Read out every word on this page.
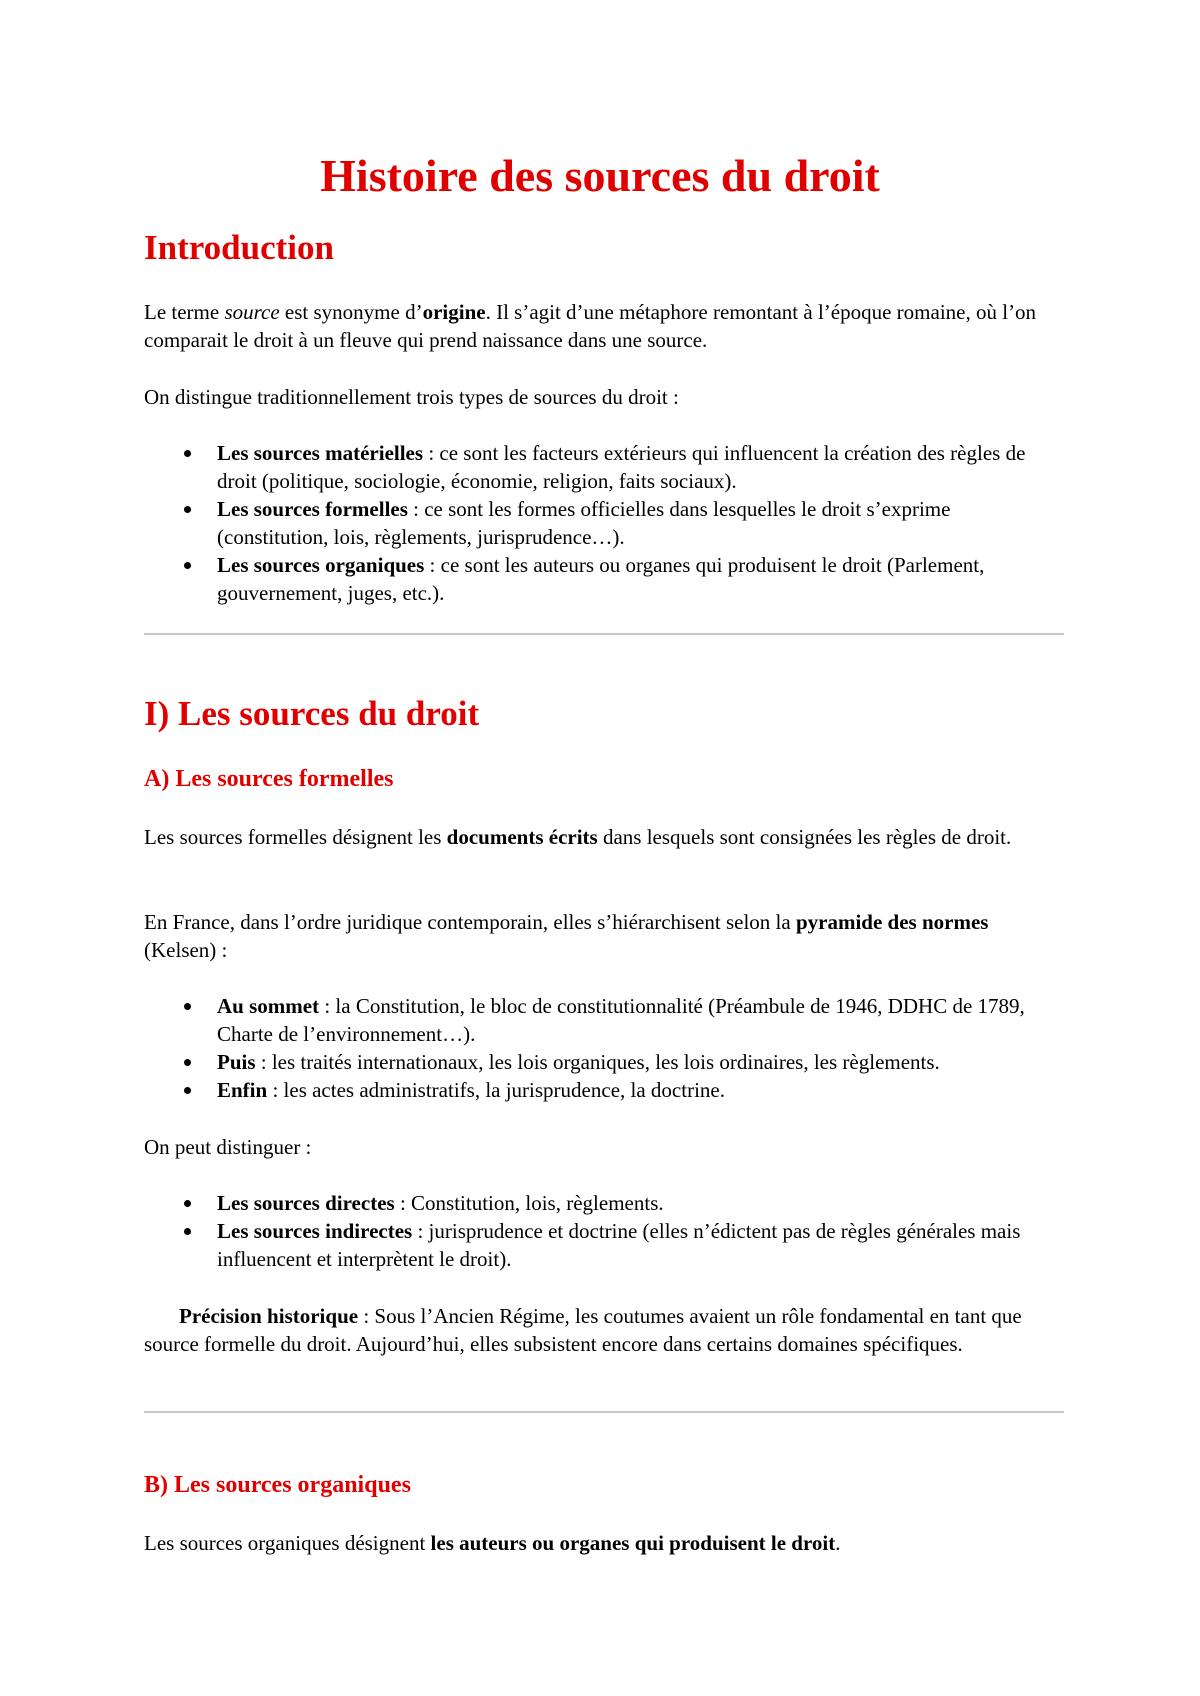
Histoire des sources du droit
Introduction

Le terme source est synonyme d’origine. Il s’agit d’une métaphore remontant à l’époque romaine, où l’on comparait le droit à un fleuve qui prend naissance dans une source.

On distingue traditionnellement trois types de sources du droit :

Les sources matérielles : ce sont les facteurs extérieurs qui influencent la création des règles de droit (politique, sociologie, économie, religion, faits sociaux).
Les sources formelles : ce sont les formes officielles dans lesquelles le droit s’exprime (constitution, lois, règlements, jurisprudence…).
Les sources organiques : ce sont les auteurs ou organes qui produisent le droit (Parlement, gouvernement, juges, etc.).
I) Les sources du droit
A) Les sources formelles

Les sources formelles désignent les documents écrits dans lesquels sont consignées les règles de droit.

En France, dans l’ordre juridique contemporain, elles s’hiérarchisent selon la pyramide des normes (Kelsen) :

Au sommet : la Constitution, le bloc de constitutionnalité (Préambule de 1946, DDHC de 1789, Charte de l’environnement…).
Puis : les traités internationaux, les lois organiques, les lois ordinaires, les règlements.
Enfin : les actes administratifs, la jurisprudence, la doctrine.

On peut distinguer :

Les sources directes : Constitution, lois, règlements.
Les sources indirectes : jurisprudence et doctrine (elles n’édictent pas de règles générales mais influencent et interprètent le droit).

Précision historique : Sous l’Ancien Régime, les coutumes avaient un rôle fondamental en tant que source formelle du droit. Aujourd’hui, elles subsistent encore dans certains domaines spécifiques.

B) Les sources organiques

Les sources organiques désignent les auteurs ou organes qui produisent le droit.
